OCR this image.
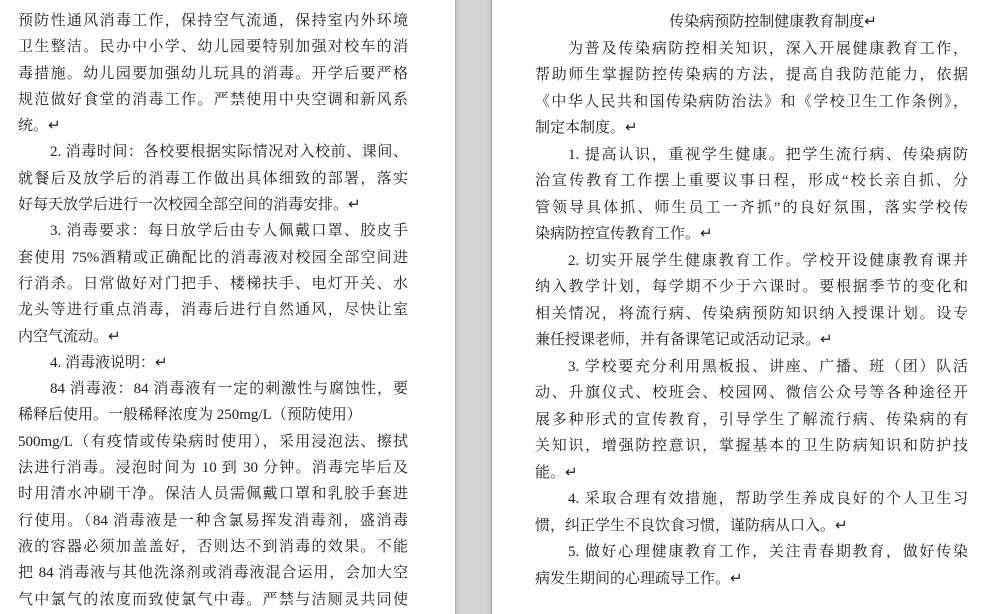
预防性通风消毒工作，保持空气流通，保持室内外环境
卫生整洁。民办中小学、幼儿园要特别加强对校车的消
毒措施。幼儿园要加强幼儿玩具的消毒。开学后要严格
规范做好食堂的消毒工作。严禁使用中央空调和新风系
统。↵
2. 消毒时间：各校要根据实际情况对入校前、课间、
就餐后及放学后的消毒工作做出具体细致的部署，落实
好每天放学后进行一次校园全部空间的消毒安排。↵
3. 消毒要求：每日放学后由专人佩戴口罩、胶皮手
套使用 75%酒精或正确配比的消毒液对校园全部空间进
行消杀。日常做好对门把手、楼梯扶手、电灯开关、水
龙头等进行重点消毒，消毒后进行自然通风，尽快让室
内空气流动。↵
4. 消毒液说明：↵
84 消毒液：84 消毒液有一定的刺激性与腐蚀性，要
稀释后使用。一般稀释浓度为 250mg/L（预防使用）
500mg/L（有疫情或传染病时使用），采用浸泡法、擦拭
法进行消毒。浸泡时间为 10 到 30 分钟。消毒完毕后及
时用清水冲刷干净。保洁人员需佩戴口罩和乳胶手套进
行使用。（84 消毒液是一种含氯易挥发消毒剂，盛消毒
液的容器必须加盖盖好，否则达不到消毒的效果。不能
把 84 消毒液与其他洗涤剂或消毒液混合运用，会加大空
气中氯气的浓度而致使氯气中毒。严禁与洁厕灵共同使
传染病预防控制健康教育制度↵
为普及传染病防控相关知识，深入开展健康教育工作，
帮助师生掌握防控传染病的方法，提高自我防范能力，依据
《中华人民共和国传染病防治法》和《学校卫生工作条例》，
制定本制度。↵
1. 提高认识，重视学生健康。把学生流行病、传染病防
治宣传教育工作摆上重要议事日程，形成“校长亲自抓、分
管领导具体抓、师生员工一齐抓”的良好氛围，落实学校传
染病防控宣传教育工作。↵
2. 切实开展学生健康教育工作。学校开设健康教育课并
纳入教学计划，每学期不少于六课时。要根据季节的变化和
相关情况，将流行病、传染病预防知识纳入授课计划。设专
兼任授课老师，并有备课笔记或活动记录。↵
3. 学校要充分利用黑板报、讲座、广播、班（团）队活
动、升旗仪式、校班会、校园网、微信公众号等各种途径开
展多种形式的宣传教育，引导学生了解流行病、传染病的有
关知识，增强防控意识，掌握基本的卫生防病知识和防护技
能。↵
4. 采取合理有效措施，帮助学生养成良好的个人卫生习
惯，纠正学生不良饮食习惯，谨防病从口入。↵
5. 做好心理健康教育工作，关注青春期教育，做好传染
病发生期间的心理疏导工作。↵
